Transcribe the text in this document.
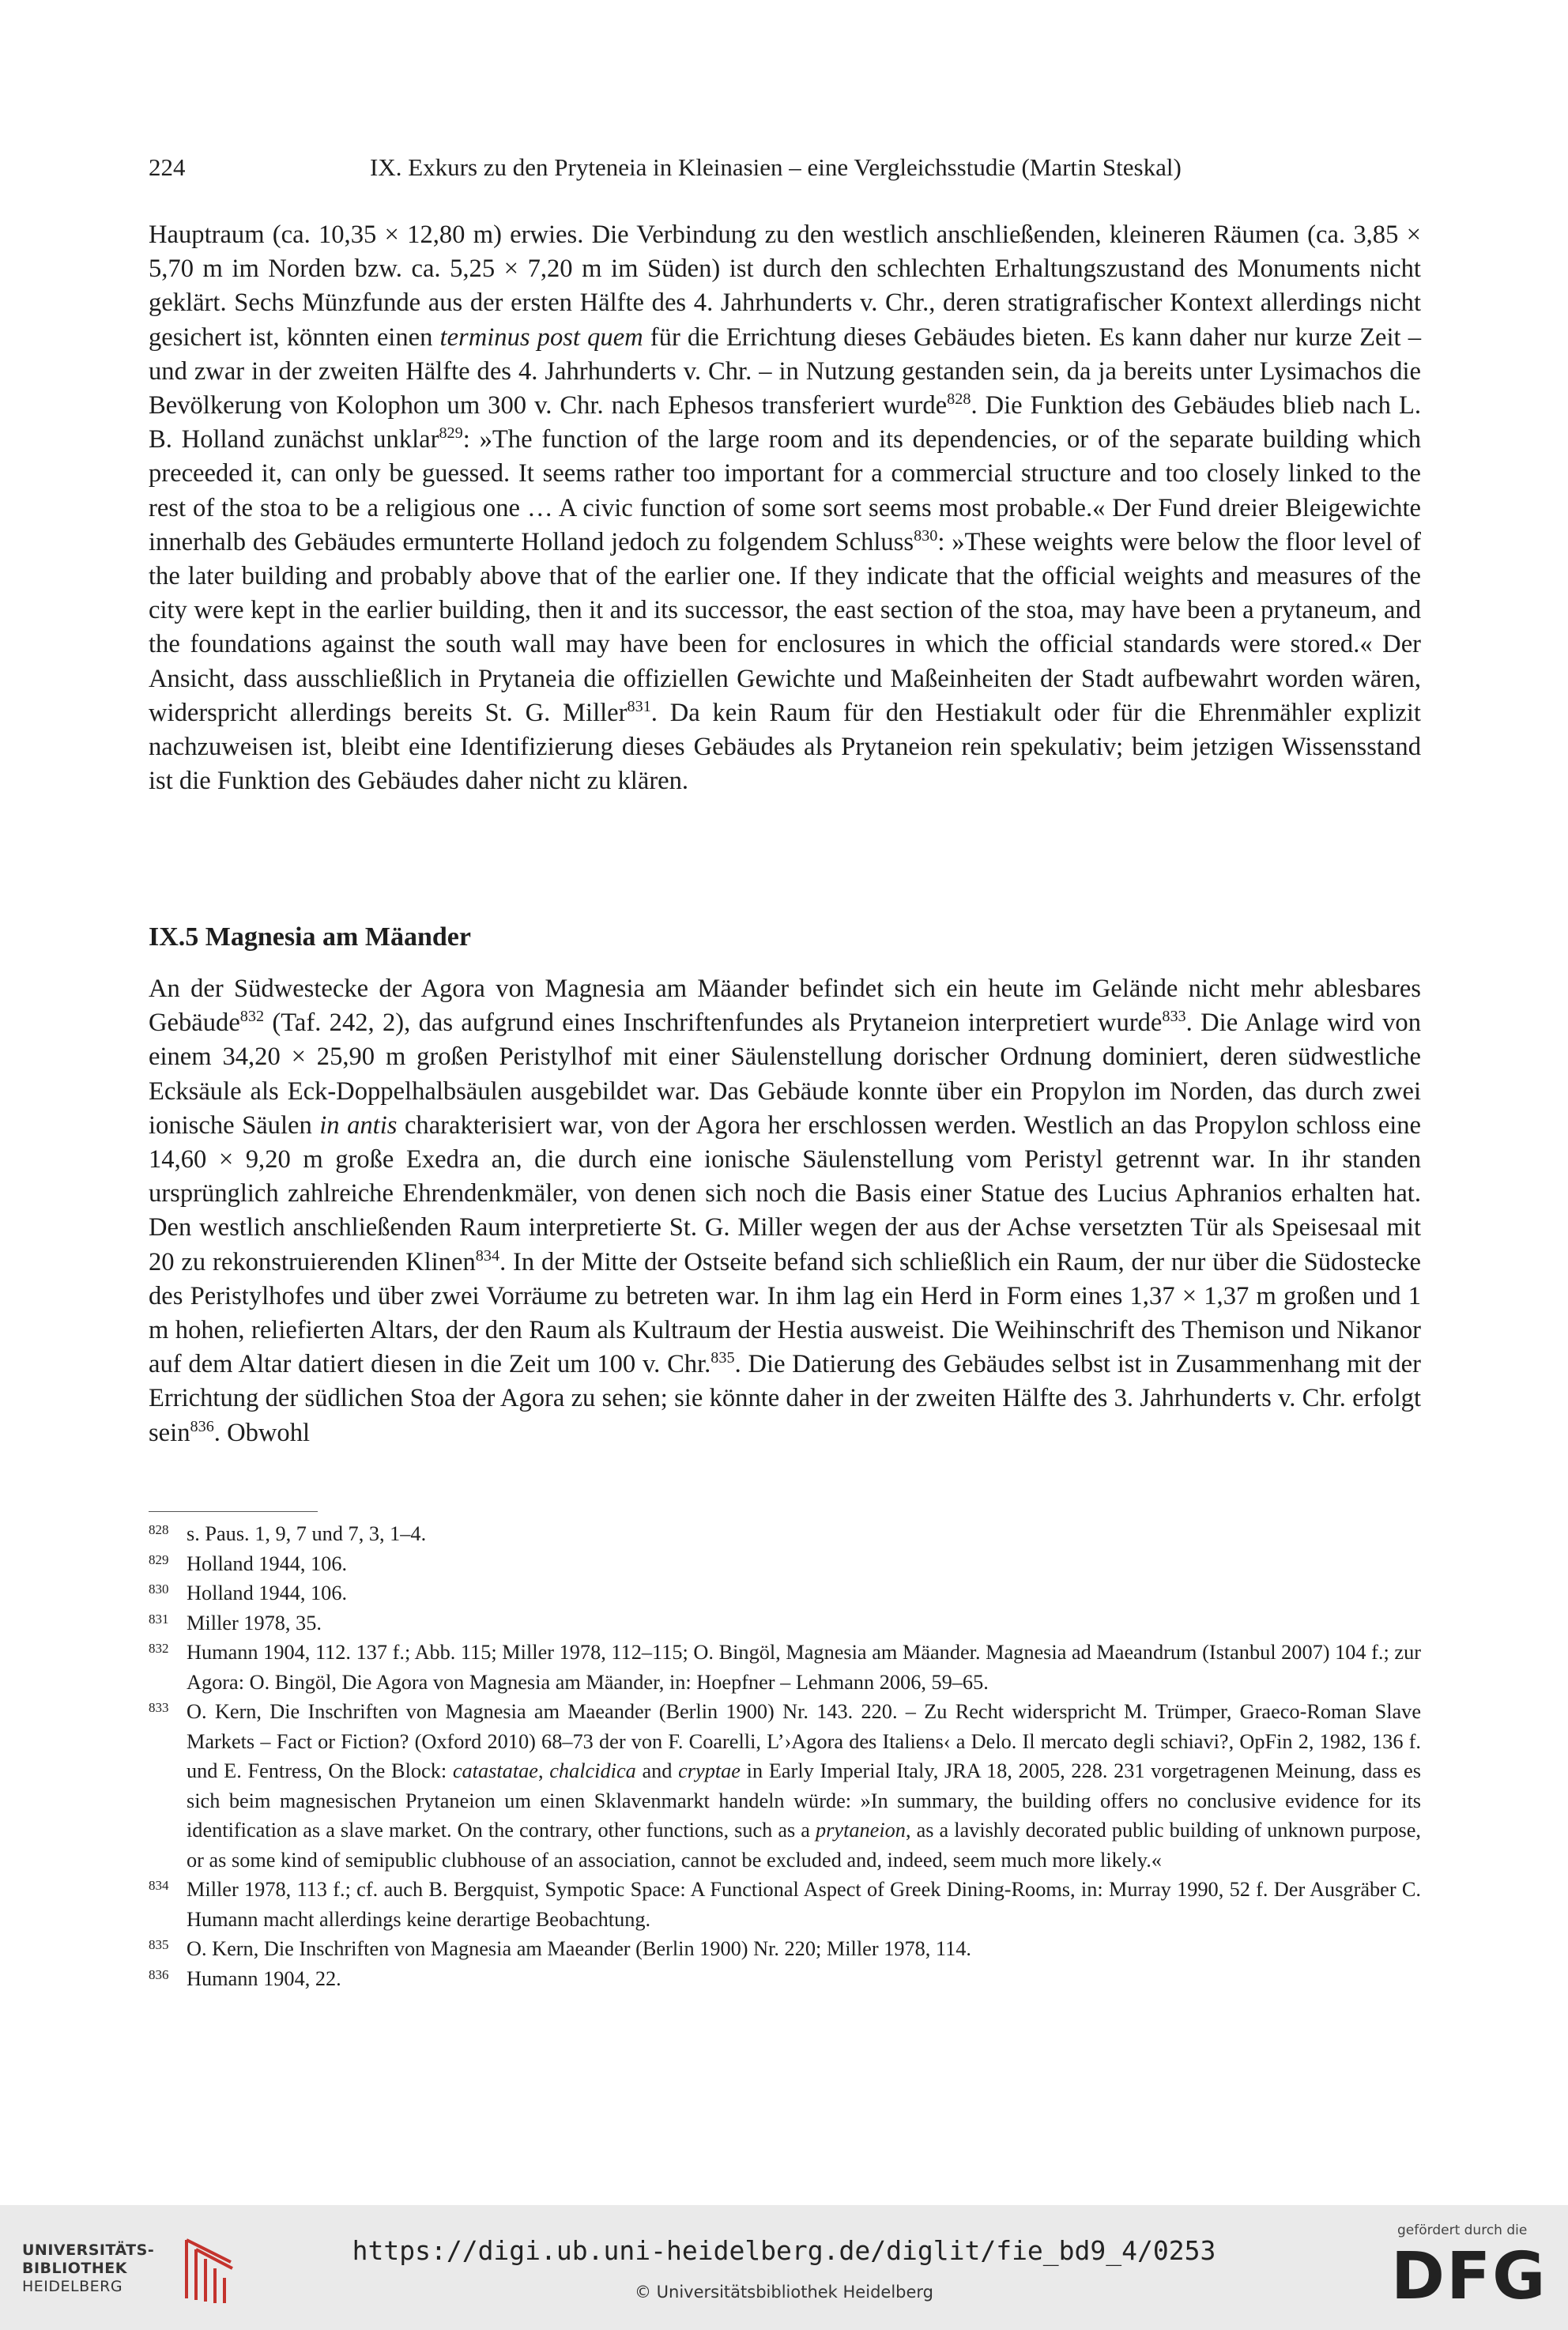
224	IX. Exkurs zu den Pryteneia in Kleinasien – eine Vergleichsstudie (Martin Steskal)

Hauptraum (ca. 10,35 × 12,80 m) erwies. Die Verbindung zu den westlich anschließenden, kleineren Räumen (ca. 3,85 × 5,70 m im Norden bzw. ca. 5,25 × 7,20 m im Süden) ist durch den schlechten Erhaltungszustand des Monuments nicht geklärt. Sechs Münzfunde aus der ersten Hälfte des 4. Jahrhunderts v. Chr., deren stratigrafischer Kontext allerdings nicht gesichert ist, könnten einen terminus post quem für die Errichtung dieses Gebäudes bieten. Es kann daher nur kurze Zeit – und zwar in der zweiten Hälfte des 4. Jahrhunderts v. Chr. – in Nutzung gestanden sein, da ja bereits unter Lysimachos die Bevölkerung von Kolophon um 300 v. Chr. nach Ephesos transferiert wurde$^{828}$. Die Funktion des Gebäudes blieb nach L. B. Holland zunächst unklar$^{829}$: »The function of the large room and its dependencies, or of the separate building which preceeded it, can only be guessed. It seems rather too important for a commercial structure and too closely linked to the rest of the stoa to be a religious one … A civic function of some sort seems most probable.« Der Fund dreier Bleigewichte innerhalb des Gebäudes ermunterte Holland jedoch zu folgendem Schluss$^{830}$: »These weights were below the floor level of the later building and probably above that of the earlier one. If they indicate that the official weights and measures of the city were kept in the earlier building, then it and its successor, the east section of the stoa, may have been a prytaneum, and the foundations against the south wall may have been for enclosures in which the official standards were stored.« Der Ansicht, dass ausschließlich in Prytaneia die offiziellen Gewichte und Maßeinheiten der Stadt aufbewahrt worden wären, widerspricht allerdings bereits St. G. Miller$^{831}$. Da kein Raum für den Hestiakult oder für die Ehrenmähler explizit nachzuweisen ist, bleibt eine Identifizierung dieses Gebäudes als Prytaneion rein spekulativ; beim jetzigen Wissensstand ist die Funktion des Gebäudes daher nicht zu klären.

IX.5 Magnesia am Mäander

An der Südwestecke der Agora von Magnesia am Mäander befindet sich ein heute im Gelände nicht mehr ablesbares Gebäude$^{832}$ (Taf. 242, 2), das aufgrund eines Inschriftenfundes als Prytaneion interpretiert wurde$^{833}$. Die Anlage wird von einem 34,20 × 25,90 m großen Peristylhof mit einer Säulenstellung dorischer Ordnung dominiert, deren südwestliche Ecksäule als Eck-Doppelhalbsäulen ausgebildet war. Das Gebäude konnte über ein Propylon im Norden, das durch zwei ionische Säulen in antis charakterisiert war, von der Agora her erschlossen werden. Westlich an das Propylon schloss eine 14,60 × 9,20 m große Exedra an, die durch eine ionische Säulenstellung vom Peristyl getrennt war. In ihr standen ursprünglich zahlreiche Ehrendenkmäler, von denen sich noch die Basis einer Statue des Lucius Aphranios erhalten hat. Den westlich anschließenden Raum interpretierte St. G. Miller wegen der aus der Achse versetzten Tür als Speisesaal mit 20 zu rekonstruierenden Klinen$^{834}$. In der Mitte der Ostseite befand sich schließlich ein Raum, der nur über die Südostecke des Peristylhofes und über zwei Vorräume zu betreten war. In ihm lag ein Herd in Form eines 1,37 × 1,37 m großen und 1 m hohen, reliefierten Altars, der den Raum als Kultraum der Hestia ausweist. Die Weihinschrift des Themison und Nikanor auf dem Altar datiert diesen in die Zeit um 100 v. Chr.$^{835}$. Die Datierung des Gebäudes selbst ist in Zusammenhang mit der Errichtung der südlichen Stoa der Agora zu sehen; sie könnte daher in der zweiten Hälfte des 3. Jahrhunderts v. Chr. erfolgt sein$^{836}$. Obwohl

828 s. Paus. 1, 9, 7 und 7, 3, 1–4.
829 Holland 1944, 106.
830 Holland 1944, 106.
831 Miller 1978, 35.
832 Humann 1904, 112. 137 f.; Abb. 115; Miller 1978, 112–115; O. Bingöl, Magnesia am Mäander. Magnesia ad Maeandrum (Istanbul 2007) 104 f.; zur Agora: O. Bingöl, Die Agora von Magnesia am Mäander, in: Hoepfner – Lehmann 2006, 59–65.
833 O. Kern, Die Inschriften von Magnesia am Maeander (Berlin 1900) Nr. 143. 220. – Zu Recht widerspricht M. Trümper, Graeco-Roman Slave Markets – Fact or Fiction? (Oxford 2010) 68–73 der von F. Coarelli, L’›Agora des Italiens‹ a Delo. Il mercato degli schiavi?, OpFin 2, 1982, 136 f. und E. Fentress, On the Block: catastatae, chalcidica and cryptae in Early Imperial Italy, JRA 18, 2005, 228. 231 vorgetragenen Meinung, dass es sich beim magnesischen Prytaneion um einen Sklavenmarkt handeln würde: »In summary, the building offers no conclusive evidence for its identification as a slave market. On the contrary, other functions, such as a prytaneion, as a lavishly decorated public building of unknown purpose, or as some kind of semipublic clubhouse of an association, cannot be excluded and, indeed, seem much more likely.«
834 Miller 1978, 113 f.; cf. auch B. Bergquist, Sympotic Space: A Functional Aspect of Greek Dining-Rooms, in: Murray 1990, 52 f. Der Ausgräber C. Humann macht allerdings keine derartige Beobachtung.
835 O. Kern, Die Inschriften von Magnesia am Maeander (Berlin 1900) Nr. 220; Miller 1978, 114.
836 Humann 1904, 22.
UNIVERSITÄTS-
BIBLIOTHEK
HEIDELBERG
https://digi.ub.uni-heidelberg.de/diglit/fie_bd9_4/0253
© Universitätsbibliothek Heidelberg
gefördert durch die
DFG
